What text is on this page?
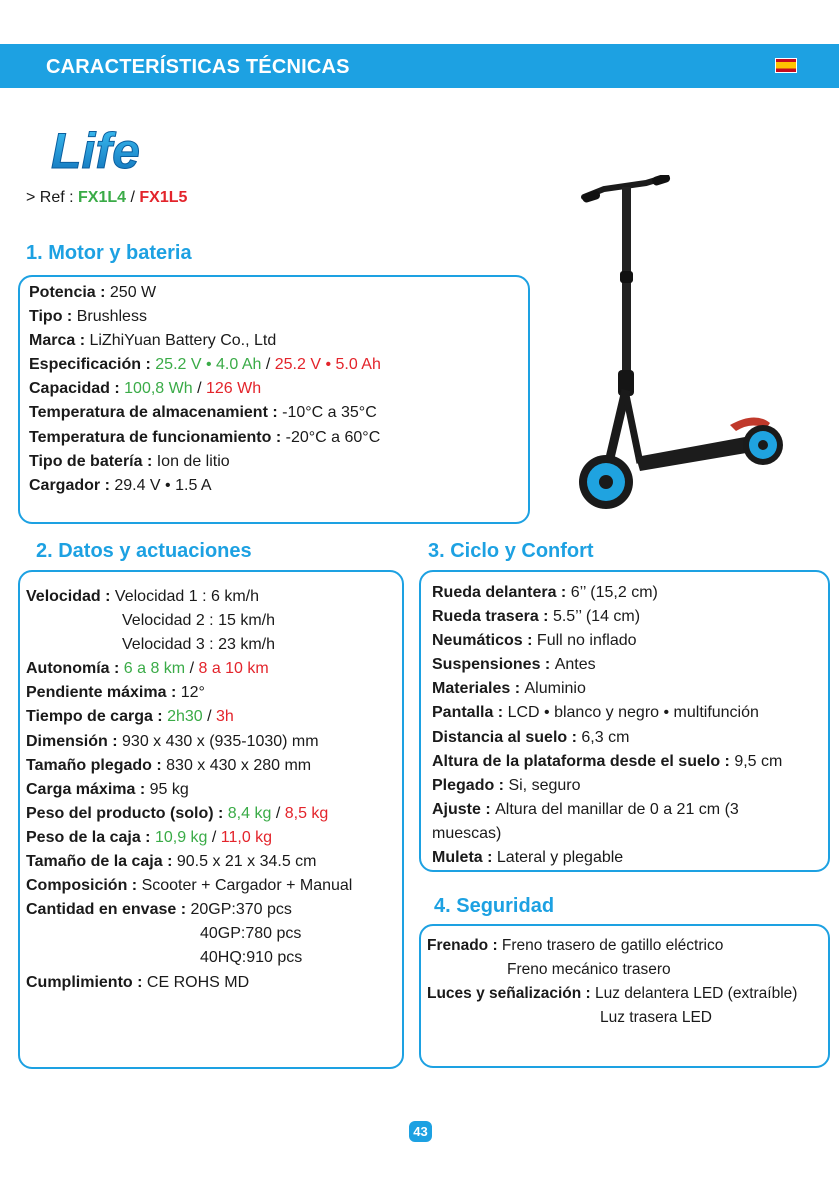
CARACTERÍSTICAS TÉCNICAS
Life
> Ref : FX1L4 / FX1L5
1. Motor y bateria
Potencia : 250 W
Tipo : Brushless
Marca : LiZhiYuan Battery Co., Ltd
Especificación : 25.2 V • 4.0 Ah / 25.2 V • 5.0 Ah
Capacidad : 100,8 Wh / 126 Wh
Temperatura de almacenamient : -10°C a 35°C
Temperatura de funcionamiento : -20°C a 60°C
Tipo de batería : Ion de litio
Cargador : 29.4 V • 1.5 A
2. Datos y actuaciones
Velocidad : Velocidad 1 : 6 km/h
Velocidad 2 : 15 km/h
Velocidad 3 : 23 km/h
Autonomía : 6 a 8 km / 8 a 10 km
Pendiente máxima : 12°
Tiempo de carga : 2h30 / 3h
Dimensión : 930 x 430 x (935-1030) mm
Tamaño plegado : 830 x 430 x 280 mm
Carga máxima : 95 kg
Peso del producto (solo) : 8,4 kg / 8,5 kg
Peso de la caja : 10,9 kg / 11,0 kg
Tamaño de la caja : 90.5 x 21 x 34.5 cm
Composición : Scooter + Cargador + Manual
Cantidad en envase : 20GP:370 pcs
40GP:780 pcs
40HQ:910 pcs
Cumplimiento : CE ROHS MD
3. Ciclo y Confort
Rueda delantera : 6’’ (15,2 cm)
Rueda trasera : 5.5’’ (14 cm)
Neumáticos : Full no inflado
Suspensiones : Antes
Materiales : Aluminio
Pantalla : LCD • blanco y negro • multifunción
Distancia al suelo : 6,3 cm
Altura de la plataforma desde el suelo : 9,5 cm
Plegado : Si, seguro
Ajuste : Altura del manillar de 0 a 21 cm (3
muescas)
Muleta : Lateral y plegable
4. Seguridad
Frenado : Freno trasero de gatillo eléctrico
Freno mecánico trasero
Luces y señalización : Luz delantera LED (extraíble)
Luz trasera LED
43
